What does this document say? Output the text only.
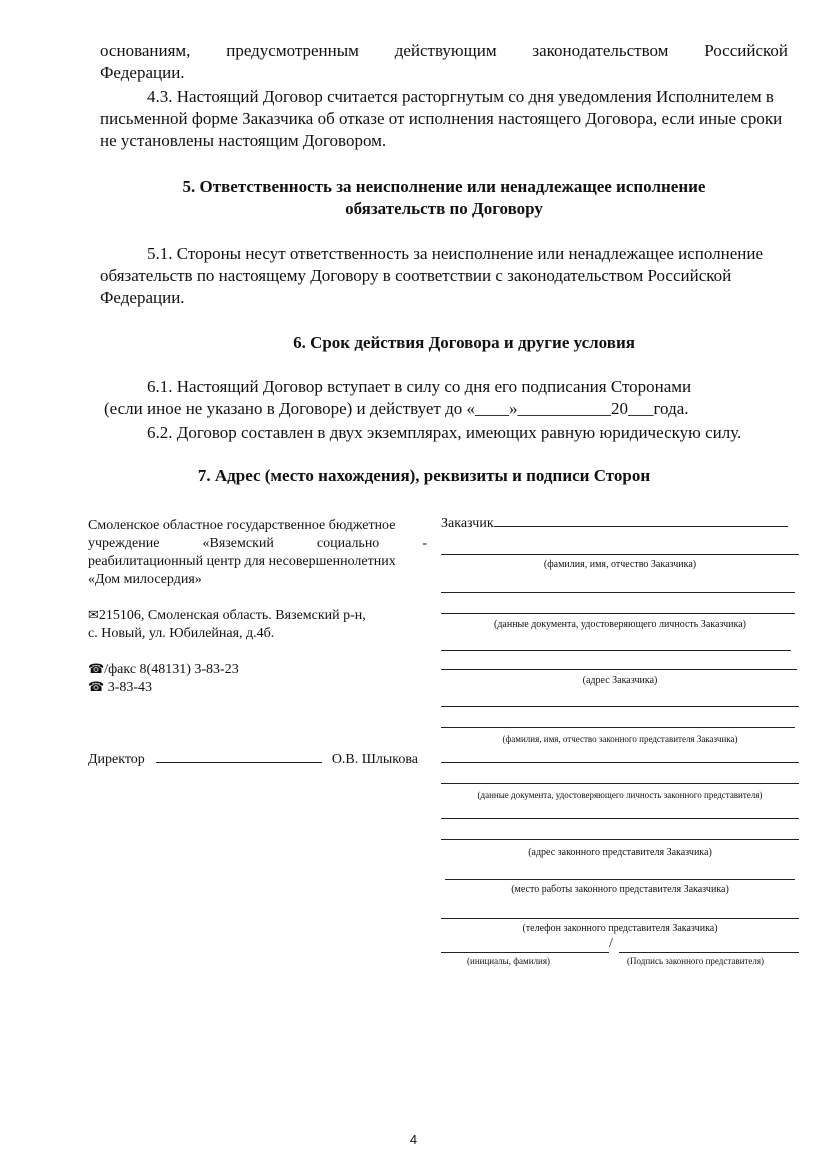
основаниям, предусмотренным действующим законодательством Российской

Федерации.

4.3. Настоящий Договор считается расторгнутым со дня уведомления Исполнителем в письменной форме Заказчика об отказе от исполнения настоящего Договора, если иные сроки не установлены настоящим Договором.

5. Ответственность за неисполнение или ненадлежащее исполнение
обязательств по Договору

5.1. Стороны несут ответственность за неисполнение или ненадлежащее исполнение обязательств по настоящему Договору в соответствии с законодательством Российской Федерации.

6. Срок действия Договора и другие условия

6.1. Настоящий Договор вступает в силу со дня его подписания Сторонами

(если иное не указано в Договоре) и действует до «____»___________20___года.

6.2. Договор составлен в двух экземплярах, имеющих равную юридическую силу.

7. Адрес (место нахождения), реквизиты и подписи Сторон

Смоленское областное государственное бюджетное

учреждение «Вяземский социально -
реабилитационный центр для несовершеннолетних
«Дом милосердия»
✉215106, Смоленская область. Вяземский р-н,
с. Новый, ул. Юбилейная, д.4б.
☎/факс 8(48131) 3-83-23
☎ 3-83-43
Директор	О.В. Шлыкова
Заказчик
(фамилия, имя, отчество Заказчика)
(данные документа, удостоверяющего личность Заказчика)
(адрес Заказчика)
(фамилия, имя, отчество законного представителя Заказчика)
(данные документа, удостоверяющего личность законного представителя)
(адрес законного представителя Заказчика)
(место работы законного представителя Заказчика)
(телефон законного представителя Заказчика)
/
(инициалы, фамилия)	(Подпись законного представителя)
4
